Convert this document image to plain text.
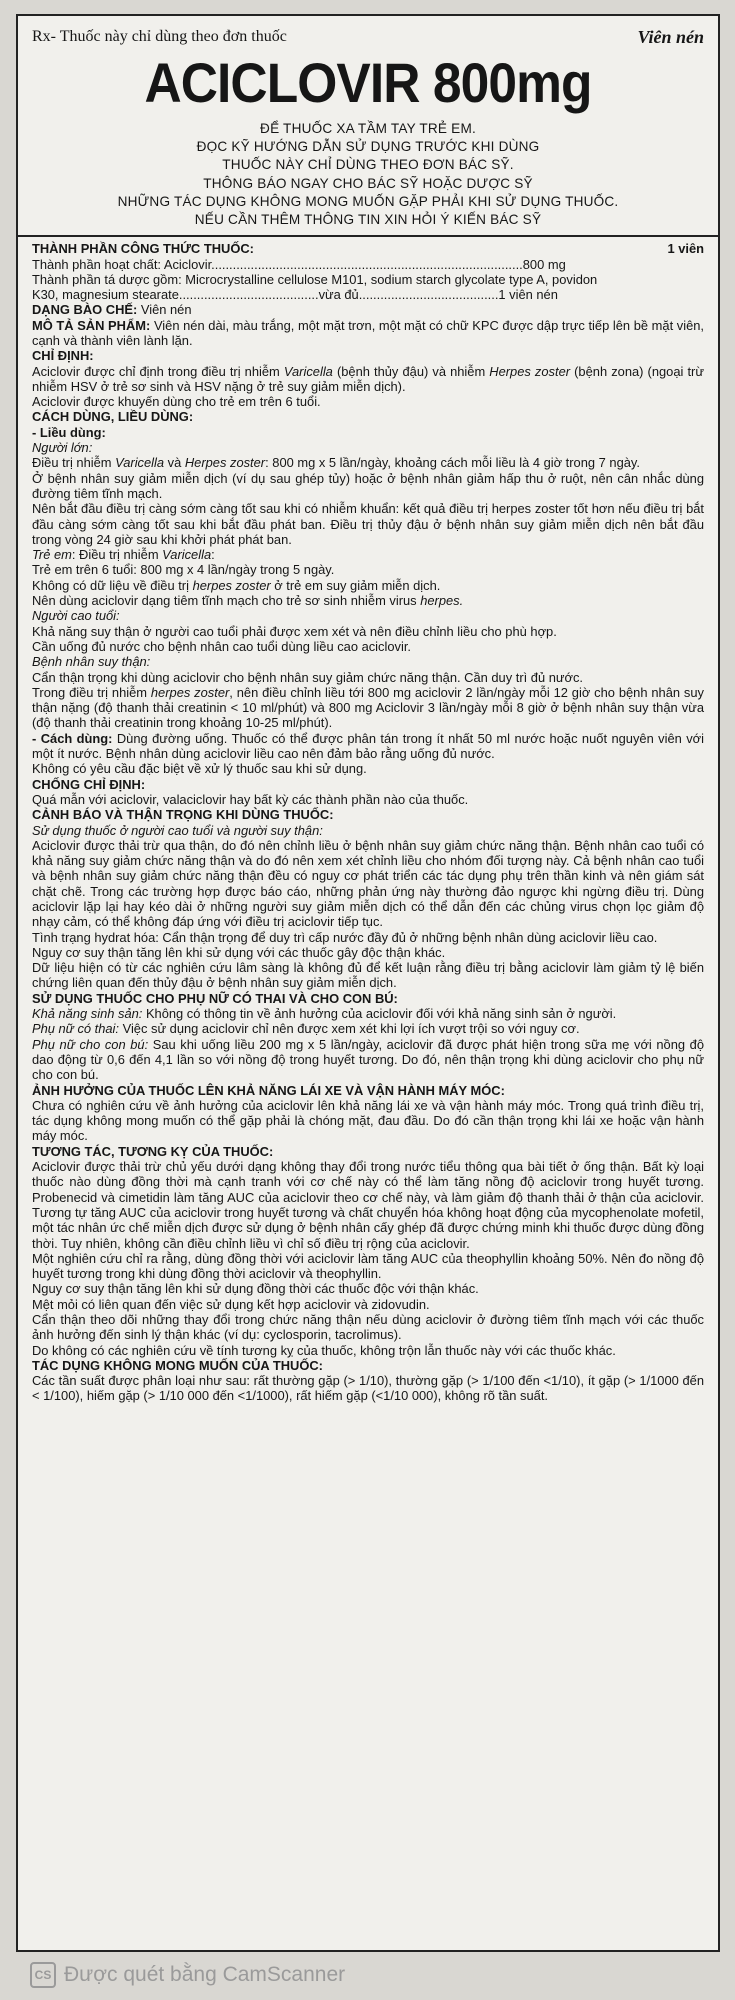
Rx- Thuốc này chỉ dùng theo đơn thuốc	Viên nén
ACICLOVIR 800mg
ĐỂ THUỐC XA TẦM TAY TRẺ EM.
ĐỌC KỸ HƯỚNG DẪN SỬ DỤNG TRƯỚC KHI DÙNG
THUỐC NÀY CHỈ DÙNG THEO ĐƠN BÁC SỸ.
THÔNG BÁO NGAY CHO BÁC SỸ HOẶC DƯỢC SỸ
NHỮNG TÁC DỤNG KHÔNG MONG MUỐN GẶP PHẢI KHI SỬ DỤNG THUỐC.
NẾU CẦN THÊM THÔNG TIN XIN HỎI Ý KIẾN BÁC SỸ

THÀNH PHẦN CÔNG THỨC THUỐC:	1 viên

Thành phần hoạt chất: Aciclovir.......................................................................................800 mg

Thành phần tá dược gồm: Microcrystalline cellulose M101, sodium starch glycolate type A, povidon

K30, magnesium stearate.......................................vừa đủ.......................................1 viên nén

DẠNG BÀO CHẾ: Viên nén

MÔ TẢ SẢN PHẨM: Viên nén dài, màu trắng, một mặt trơn, một mặt có chữ KPC được dập trực tiếp lên bề mặt viên, cạnh và thành viên lành lặn.

CHỈ ĐỊNH:

Aciclovir được chỉ định trong điều trị nhiễm Varicella (bệnh thủy đậu) và nhiễm Herpes zoster (bệnh zona) (ngoại trừ nhiễm HSV ở trẻ sơ sinh và HSV nặng ở trẻ suy giảm miễn dịch).

Aciclovir được khuyến dùng cho trẻ em trên 6 tuổi.

CÁCH DÙNG, LIỀU DÙNG:

- Liều dùng:

Người lớn:

Điều trị nhiễm Varicella và Herpes zoster: 800 mg x 5 lần/ngày, khoảng cách mỗi liều là 4 giờ trong 7 ngày.

Ở bệnh nhân suy giảm miễn dịch (ví dụ sau ghép tủy) hoặc ở bệnh nhân giảm hấp thu ở ruột, nên cân nhắc dùng đường tiêm tĩnh mạch.

Nên bắt đầu điều trị càng sớm càng tốt sau khi có nhiễm khuẩn: kết quả điều trị herpes zoster tốt hơn nếu điều trị bắt đầu càng sớm càng tốt sau khi bắt đầu phát ban. Điều trị thủy đậu ở bệnh nhân suy giảm miễn dịch nên bắt đầu trong vòng 24 giờ sau khi khởi phát phát ban.

Trẻ em: Điều trị nhiễm Varicella:

Trẻ em trên 6 tuổi: 800 mg x 4 lần/ngày trong 5 ngày.

Không có dữ liệu về điều trị herpes zoster ở trẻ em suy giảm miễn dịch.

Nên dùng aciclovir dạng tiêm tĩnh mạch cho trẻ sơ sinh nhiễm virus herpes.

Người cao tuổi:

Khả năng suy thận ở người cao tuổi phải được xem xét và nên điều chỉnh liều cho phù hợp.

Cần uống đủ nước cho bệnh nhân cao tuổi dùng liều cao aciclovir.

Bệnh nhân suy thận:

Cẩn thận trọng khi dùng aciclovir cho bệnh nhân suy giảm chức năng thận. Cần duy trì đủ nước.

Trong điều trị nhiễm herpes zoster, nên điều chỉnh liều tới 800 mg aciclovir 2 lần/ngày mỗi 12 giờ cho bệnh nhân suy thận nặng (độ thanh thải creatinin < 10 ml/phút) và 800 mg Aciclovir 3 lần/ngày mỗi 8 giờ ở bệnh nhân suy thận vừa (độ thanh thải creatinin trong khoảng 10-25 ml/phút).

- Cách dùng: Dùng đường uống. Thuốc có thể được phân tán trong ít nhất 50 ml nước hoặc nuốt nguyên viên với một ít nước. Bệnh nhân dùng aciclovir liều cao nên đảm bảo rằng uống đủ nước.

Không có yêu cầu đặc biệt về xử lý thuốc sau khi sử dụng.

CHỐNG CHỈ ĐỊNH:

Quá mẫn với aciclovir, valaciclovir hay bất kỳ các thành phần nào của thuốc.

CẢNH BÁO VÀ THẬN TRỌNG KHI DÙNG THUỐC:

Sử dụng thuốc ở người cao tuổi và người suy thận:

Aciclovir được thải trừ qua thận, do đó nên chỉnh liều ở bệnh nhân suy giảm chức năng thận. Bệnh nhân cao tuổi có khả năng suy giảm chức năng thận và do đó nên xem xét chỉnh liều cho nhóm đối tượng này. Cả bệnh nhân cao tuổi và bệnh nhân suy giảm chức năng thận đều có nguy cơ phát triển các tác dụng phụ trên thần kinh và nên giám sát chặt chẽ. Trong các trường hợp được báo cáo, những phản ứng này thường đảo ngược khi ngừng điều trị. Dùng aciclovir lặp lại hay kéo dài ở những người suy giảm miễn dịch có thể dẫn đến các chủng virus chọn lọc giảm độ nhạy cảm, có thể không đáp ứng với điều trị aciclovir tiếp tục.

Tình trạng hydrat hóa: Cẩn thận trọng để duy trì cấp nước đầy đủ ở những bệnh nhân dùng aciclovir liều cao.

Nguy cơ suy thận tăng lên khi sử dụng với các thuốc gây độc thận khác.

Dữ liệu hiện có từ các nghiên cứu lâm sàng là không đủ để kết luận rằng điều trị bằng aciclovir làm giảm tỷ lệ biến chứng liên quan đến thủy đậu ở bệnh nhân suy giảm miễn dịch.

SỬ DỤNG THUỐC CHO PHỤ NỮ CÓ THAI VÀ CHO CON BÚ:

Khả năng sinh sản: Không có thông tin về ảnh hưởng của aciclovir đối với khả năng sinh sản ở người.

Phụ nữ có thai: Việc sử dụng aciclovir chỉ nên được xem xét khi lợi ích vượt trội so với nguy cơ.

Phụ nữ cho con bú: Sau khi uống liều 200 mg x 5 lần/ngày, aciclovir đã được phát hiện trong sữa mẹ với nồng độ dao động từ 0,6 đến 4,1 lần so với nồng độ trong huyết tương. Do đó, nên thận trọng khi dùng aciclovir cho phụ nữ cho con bú.

ẢNH HƯỞNG CỦA THUỐC LÊN KHẢ NĂNG LÁI XE VÀ VẬN HÀNH MÁY MÓC:

Chưa có nghiên cứu về ảnh hưởng của aciclovir lên khả năng lái xe và vận hành máy móc. Trong quá trình điều trị, tác dụng không mong muốn có thể gặp phải là chóng mặt, đau đầu. Do đó cần thận trọng khi lái xe hoặc vận hành máy móc.

TƯƠNG TÁC, TƯƠNG KỴ CỦA THUỐC:

Aciclovir được thải trừ chủ yếu dưới dạng không thay đổi trong nước tiểu thông qua bài tiết ở ống thận. Bất kỳ loại thuốc nào dùng đồng thời mà cạnh tranh với cơ chế này có thể làm tăng nồng độ aciclovir trong huyết tương. Probenecid và cimetidin làm tăng AUC của aciclovir theo cơ chế này, và làm giảm độ thanh thải ở thận của aciclovir. Tương tự tăng AUC của aciclovir trong huyết tương và chất chuyển hóa không hoạt động của mycophenolate mofetil, một tác nhân ức chế miễn dịch được sử dụng ở bệnh nhân cấy ghép đã được chứng minh khi thuốc được dùng đồng thời. Tuy nhiên, không cần điều chỉnh liều vì chỉ số điều trị rộng của aciclovir.

Một nghiên cứu chỉ ra rằng, dùng đồng thời với aciclovir làm tăng AUC của theophyllin khoảng 50%. Nên đo nồng độ huyết tương trong khi dùng đồng thời aciclovir và theophyllin.

Nguy cơ suy thận tăng lên khi sử dụng đồng thời các thuốc độc với thận khác.

Mệt mỏi có liên quan đến việc sử dụng kết hợp aciclovir và zidovudin.

Cẩn thận theo dõi những thay đổi trong chức năng thận nếu dùng aciclovir ở đường tiêm tĩnh mạch với các thuốc ảnh hưởng đến sinh lý thận khác (ví dụ: cyclosporin, tacrolimus).

Do không có các nghiên cứu về tính tương kỵ của thuốc, không trộn lẫn thuốc này với các thuốc khác.

TÁC DỤNG KHÔNG MONG MUỐN CỦA THUỐC:

Các tần suất được phân loại như sau: rất thường gặp (> 1/10), thường gặp (> 1/100 đến <1/10), ít gặp (> 1/1000 đến < 1/100), hiếm gặp (> 1/10 000 đến <1/1000), rất hiếm gặp (<1/10 000), không rõ tần suất.

CS Được quét bằng CamScanner
